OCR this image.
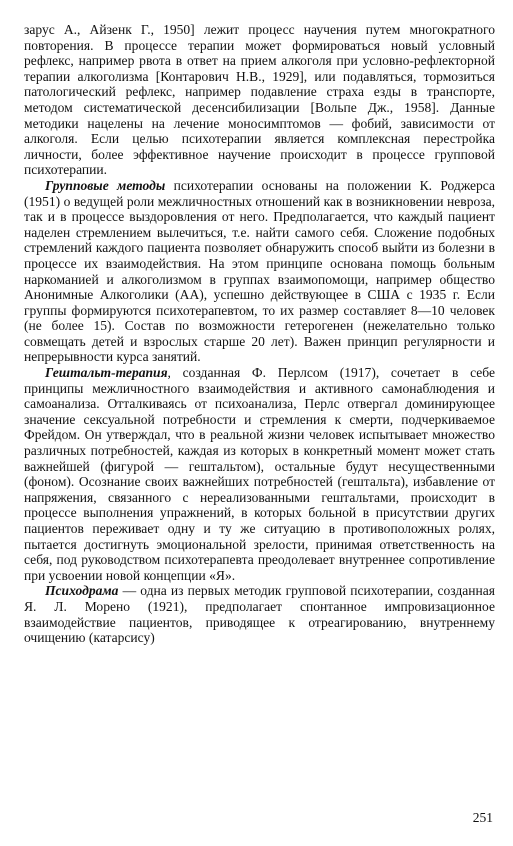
зарус А., Айзенк Г., 1950] лежит процесс научения путем многократного повторения. В процессе терапии может формироваться новый условный рефлекс, например рвота в ответ на прием алкоголя при условно-рефлекторной терапии алкоголизма [Контарович Н.В., 1929], или подавляться, тормозиться патологический рефлекс, например подавление страха езды в транспорте, методом систематической десенсибилизации [Вольпе Дж., 1958]. Данные методики нацелены на лечение моносимптомов — фобий, зависимости от алкоголя. Если целью психотерапии является комплексная перестройка личности, более эффективное научение происходит в процессе групповой психотерапии.

Групповые методы психотерапии основаны на положении К. Роджерса (1951) о ведущей роли межличностных отношений как в возникновении невроза, так и в процессе выздоровления от него. Предполагается, что каждый пациент наделен стремлением вылечиться, т.е. найти самого себя. Сложение подобных стремлений каждого пациента позволяет обнаружить способ выйти из болезни в процессе их взаимодействия. На этом принципе основана помощь больным наркоманией и алкоголизмом в группах взаимопомощи, например общество Анонимные Алкоголики (АА), успешно действующее в США с 1935 г. Если группы формируются психотерапевтом, то их размер составляет 8—10 человек (не более 15). Состав по возможности гетерогенен (нежелательно только совмещать детей и взрослых старше 20 лет). Важен принцип регулярности и непрерывности курса занятий.

Гештальт-терапия, созданная Ф. Перлсом (1917), сочетает в себе принципы межличностного взаимодействия и активного самонаблюдения и самоанализа. Отталкиваясь от психоанализа, Перлс отвергал доминирующее значение сексуальной потребности и стремления к смерти, подчеркиваемое Фрейдом. Он утверждал, что в реальной жизни человек испытывает множество различных потребностей, каждая из которых в конкретный момент может стать важнейшей (фигурой — гештальтом), остальные будут несущественными (фоном). Осознание своих важнейших потребностей (гештальта), избавление от напряжения, связанного с нереализованными гештальтами, происходит в процессе выполнения упражнений, в которых больной в присутствии других пациентов переживает одну и ту же ситуацию в противоположных ролях, пытается достигнуть эмоциональной зрелости, принимая ответственность на себя, под руководством психотерапевта преодолевает внутреннее сопротивление при усвоении новой концепции «Я».

Психодрама — одна из первых методик групповой психотерапии, созданная Я. Л. Морено (1921), предполагает спонтанное импровизационное взаимодействие пациентов, приводящее к отреагированию, внутреннему очищению (катарсису)

251
